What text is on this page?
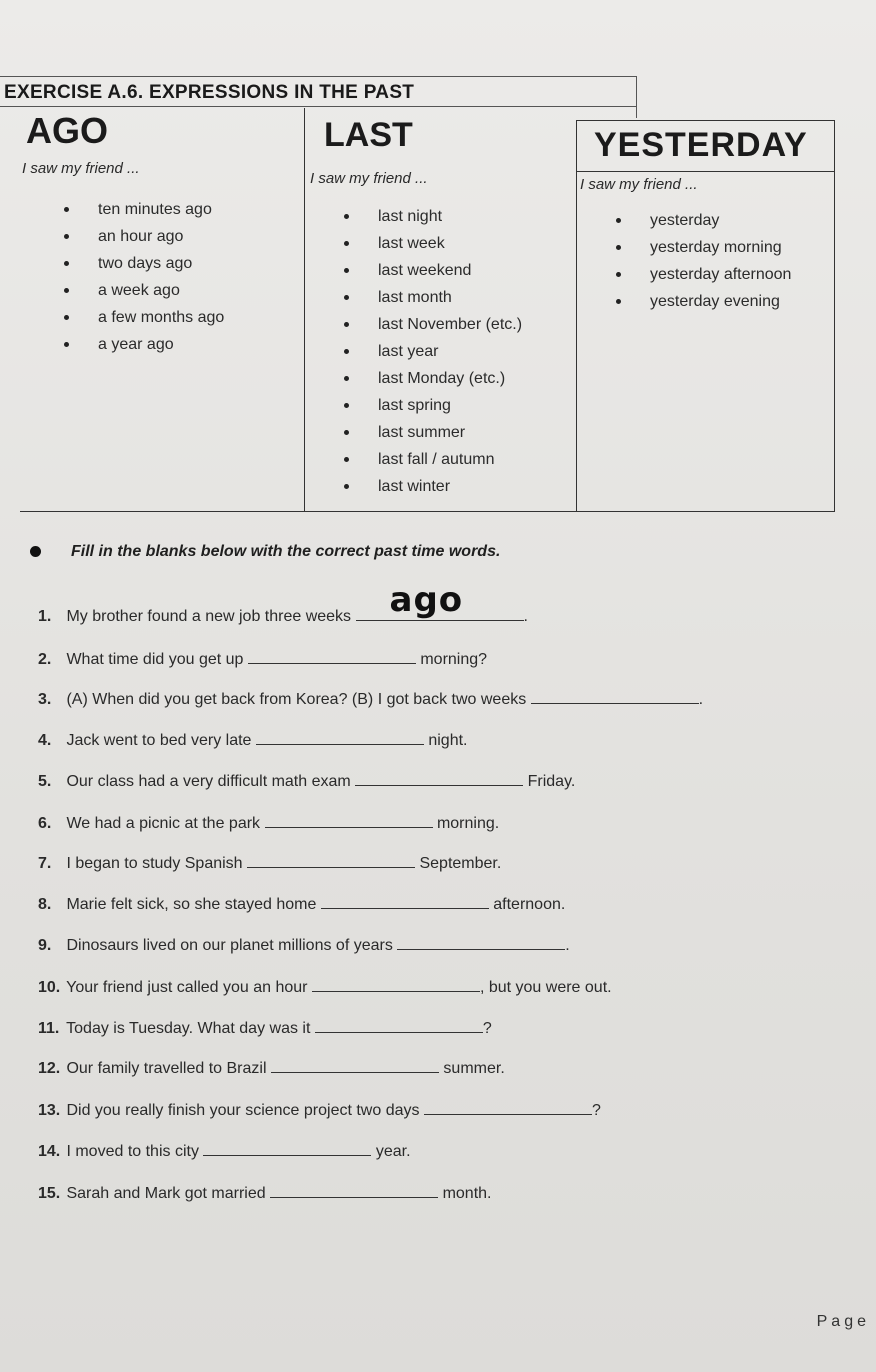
EXERCISE A.6. EXPRESSIONS IN THE PAST
AGO
I saw my friend ...
ten minutes ago
an hour ago
two days ago
a week ago
a few months ago
a year ago
LAST
I saw my friend ...
last night
last week
last weekend
last month
last November (etc.)
last year
last Monday (etc.)
last spring
last summer
last fall / autumn
last winter
YESTERDAY
I saw my friend ...
yesterday
yesterday morning
yesterday afternoon
yesterday evening
Fill in the blanks below with the correct past time words.
1. My brother found a new job three weeks ago	.
2. What time did you get up	morning?
3. (A) When did you get back from Korea? (B) I got back two weeks	.
4. Jack went to bed very late	night.
5. Our class had a very difficult math exam	Friday.
6. We had a picnic at the park	morning.
7. I began to study Spanish	September.
8. Marie felt sick, so she stayed home	afternoon.
9. Dinosaurs lived on our planet millions of years	.
10. Your friend just called you an hour	, but you were out.
11. Today is Tuesday. What day was it	?
12. Our family travelled to Brazil	summer.
13. Did you really finish your science project two days	?
14. I moved to this city	year.
15. Sarah and Mark got married	month.
Page
